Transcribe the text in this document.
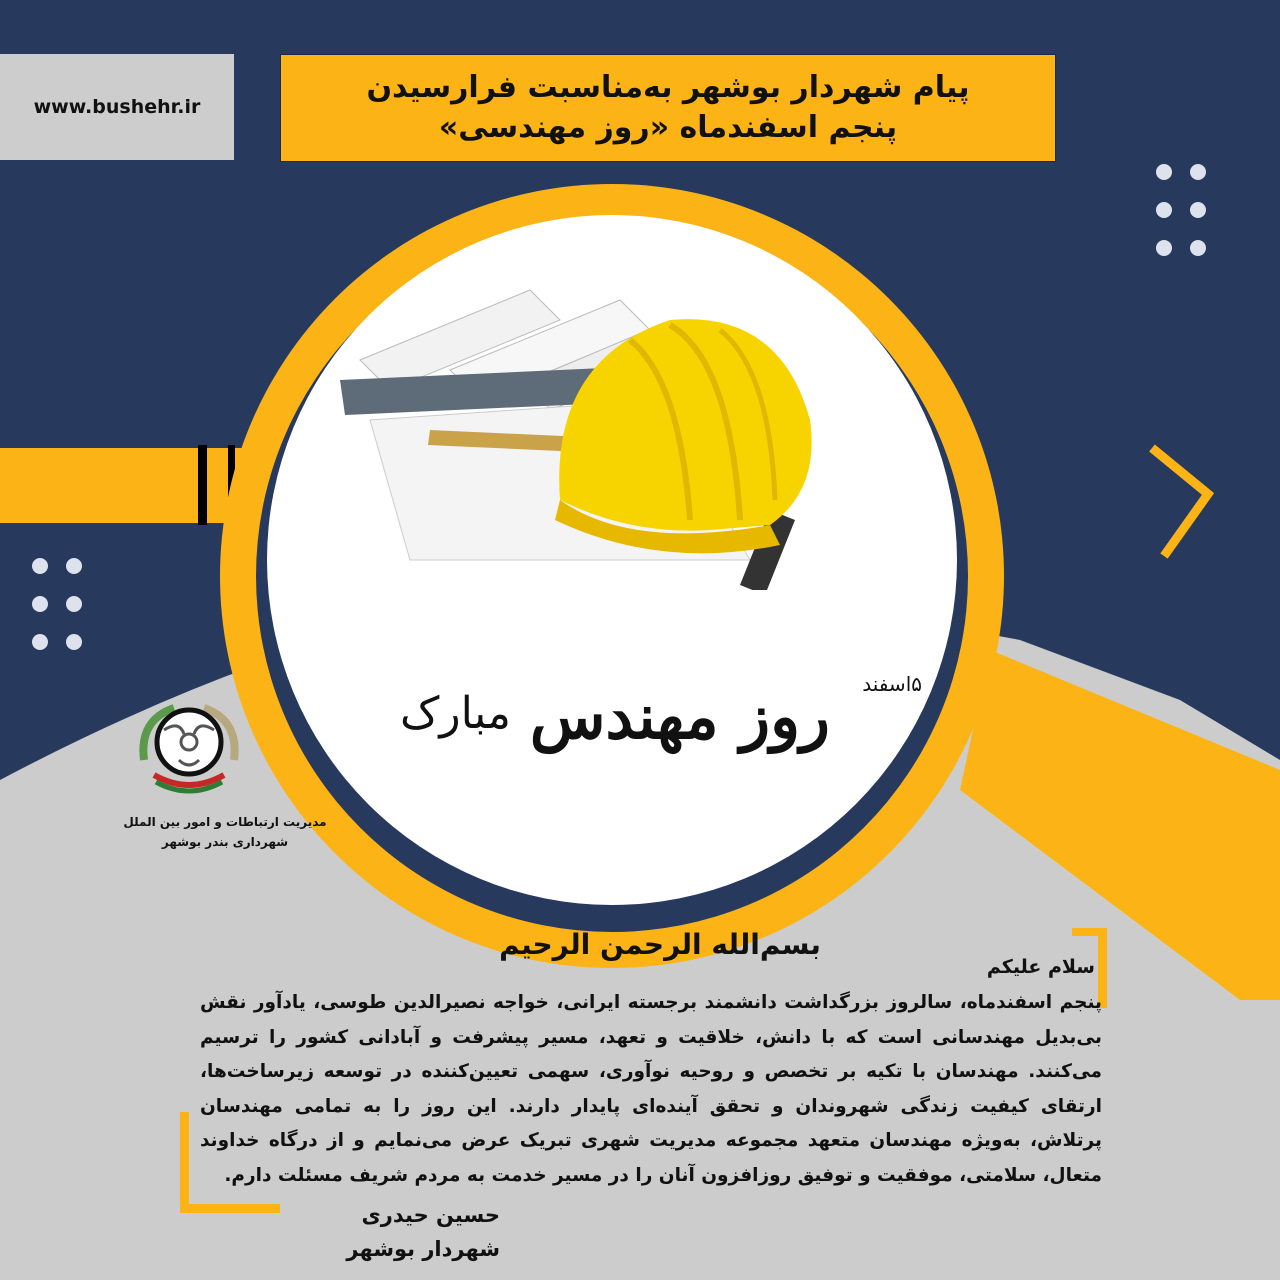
www.bushehr.ir
پیام شهردار بوشهر به‌مناسبت فرارسیدن
پنجم اسفندماه «روز مهندسی»
۵اسفند
روز مهندس
مبارک
مدیریت ارتباطات و امور بین الملل
شهرداری بندر بوشهر
بسم‌الله الرحمن الرحیم
سلام علیکم
پنجم اسفندماه، سالروز بزرگداشت دانشمند برجسته ایرانی، خواجه نصیرالدین طوسی، یادآور نقش بی‌بدیل مهندسانی است که با دانش، خلاقیت و تعهد، مسیر پیشرفت و آبادانی کشور را ترسیم می‌کنند. مهندسان با تکیه بر تخصص و روحیه نوآوری، سهمی تعیین‌کننده در توسعه زیرساخت‌ها، ارتقای کیفیت زندگی شهروندان و تحقق آینده‌ای پایدار دارند. این روز را به تمامی مهندسان پرتلاش، به‌ویژه مهندسان متعهد مجموعه مدیریت شهری تبریک عرض می‌نمایم و از درگاه خداوند متعال، سلامتی، موفقیت و توفیق روزافزون آنان را در مسیر خدمت به مردم شریف مسئلت دارم.
حسین حیدری
شهردار بوشهر
